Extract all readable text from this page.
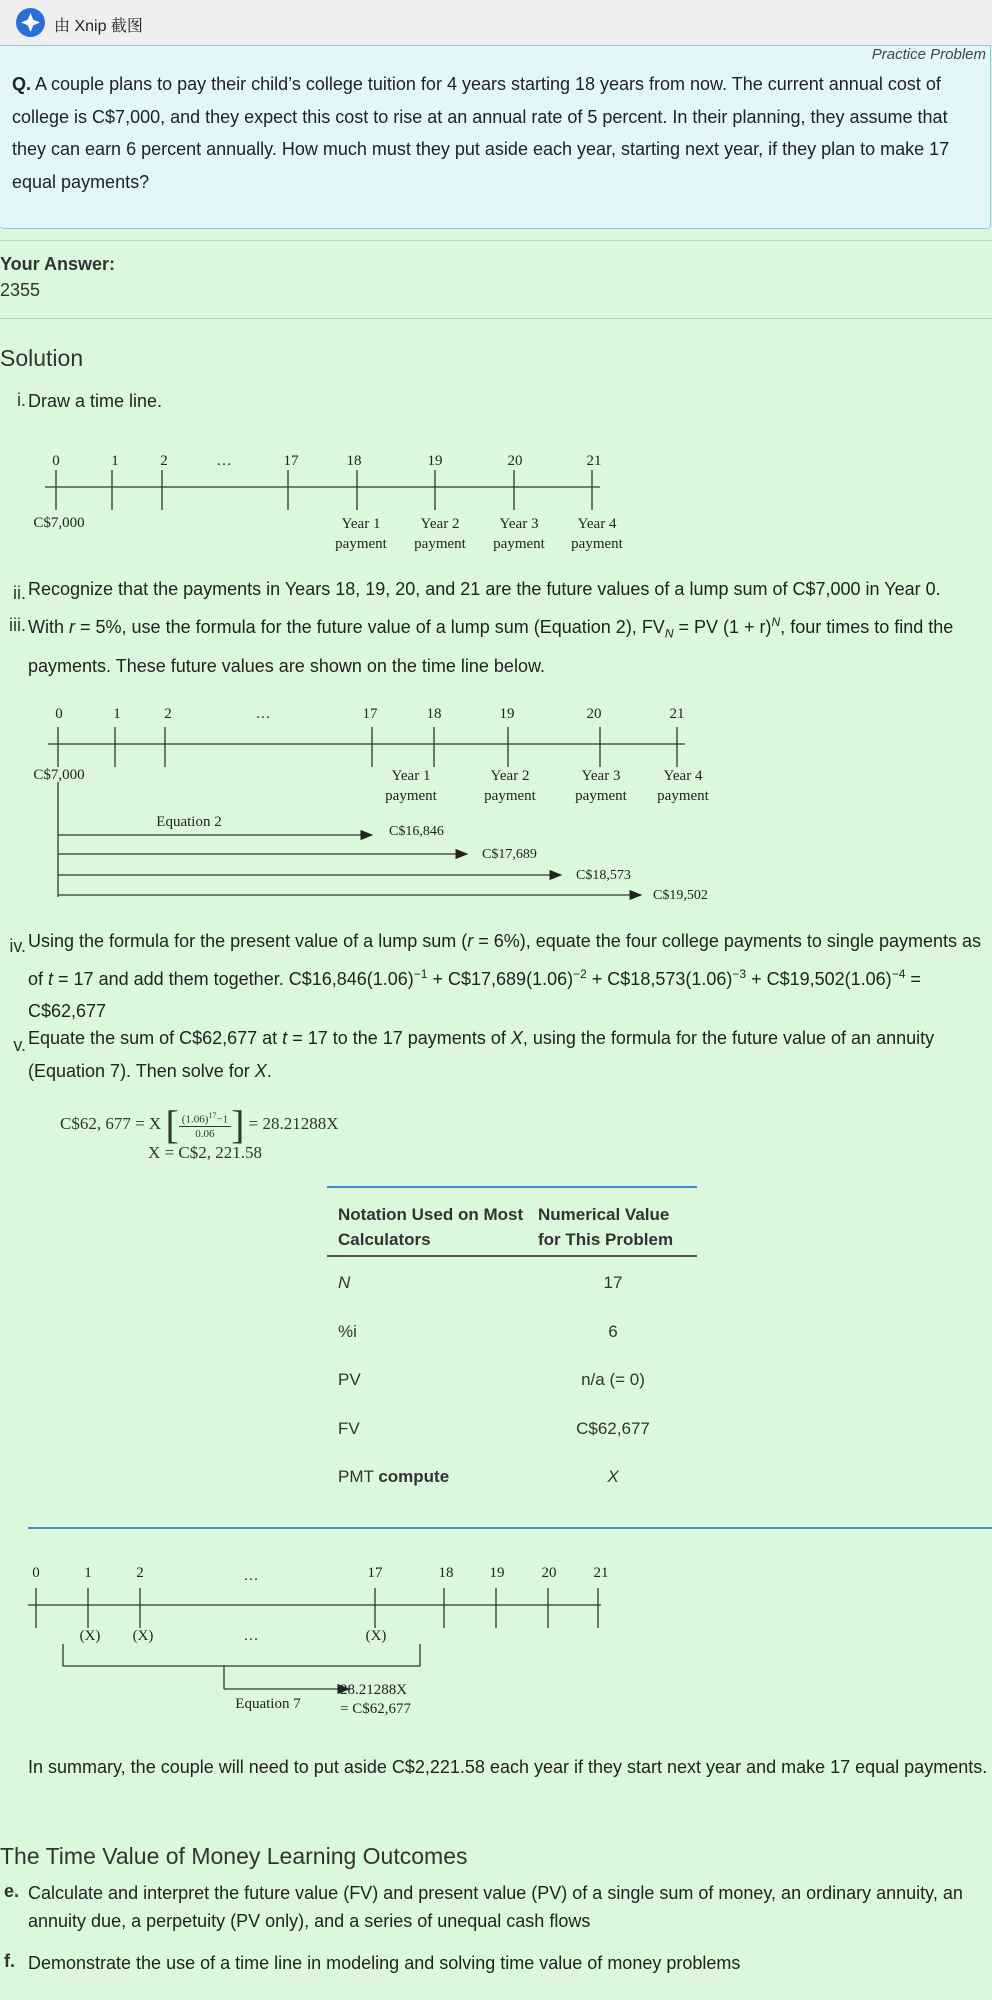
由 Xnip 截图
Practice Problem
Q. A couple plans to pay their child’s college tuition for 4 years starting 18 years from now. The current annual cost of college is C$7,000, and they expect this cost to rise at an annual rate of 5 percent. In their planning, they assume that they can earn 6 percent annually. How much must they put aside each year, starting next year, if they plan to make 17 equal payments?
Your Answer:
2355
Solution
i. Draw a time line.
0	1	2	…	17	18	19	20	21
C$7,000	Year 1
payment
Year 2
payment
Year 3
payment
Year 4
payment
ii. Recognize that the payments in Years 18, 19, 20, and 21 are the future values of a lump sum of C$7,000 in Year 0.
iii. With r = 5%, use the formula for the future value of a lump sum (Equation 2), $FV_N$ = PV $(1 + r)^N$, four times to find the payments. These future values are shown on the time line below.
0	1	2	…	17	18	19	20	21
C$7,000	Year 1
payment
Year 2
payment
Year 3
payment
Year 4
payment
Equation 2
C$16,846
C$17,689
C$18,573
C$19,502
iv. Using the formula for the present value of a lump sum (r = 6%), equate the four college payments to single payments as of t = 17 and add them together. $C\$16,846(1.06)^{-1}$ + $C\$17,689(1.06)^{-2}$ + $C\$18,573(1.06)^{-3}$ + $C\$19,502(1.06)^{-4}$ = C$62,677
v. Equate the sum of C$62,677 at t = 17 to the 17 payments of X, using the formula for the future value of an annuity (Equation 7). Then solve for X.
C$62, 677 = X [ $\frac{(1.06)^{17}-1}{0.06}$ ] = 28.21288X
X = C$2, 221.58
Notation Used on Most Calculators
Numerical Value for This Problem
N	17
%i	6
PV	n/a (= 0)
FV	C$62,677
PMT compute	X
0	1	2	…	17	18 19 20 21
(X) (X)	…	(X)
Equation 7
28.21288X
= C$62,677
In summary, the couple will need to put aside C$2,221.58 each year if they start next year and make 17 equal payments.
The Time Value of Money Learning Outcomes
e. Calculate and interpret the future value (FV) and present value (PV) of a single sum of money, an ordinary annuity, an annuity due, a perpetuity (PV only), and a series of unequal cash flows
f. Demonstrate the use of a time line in modeling and solving time value of money problems
